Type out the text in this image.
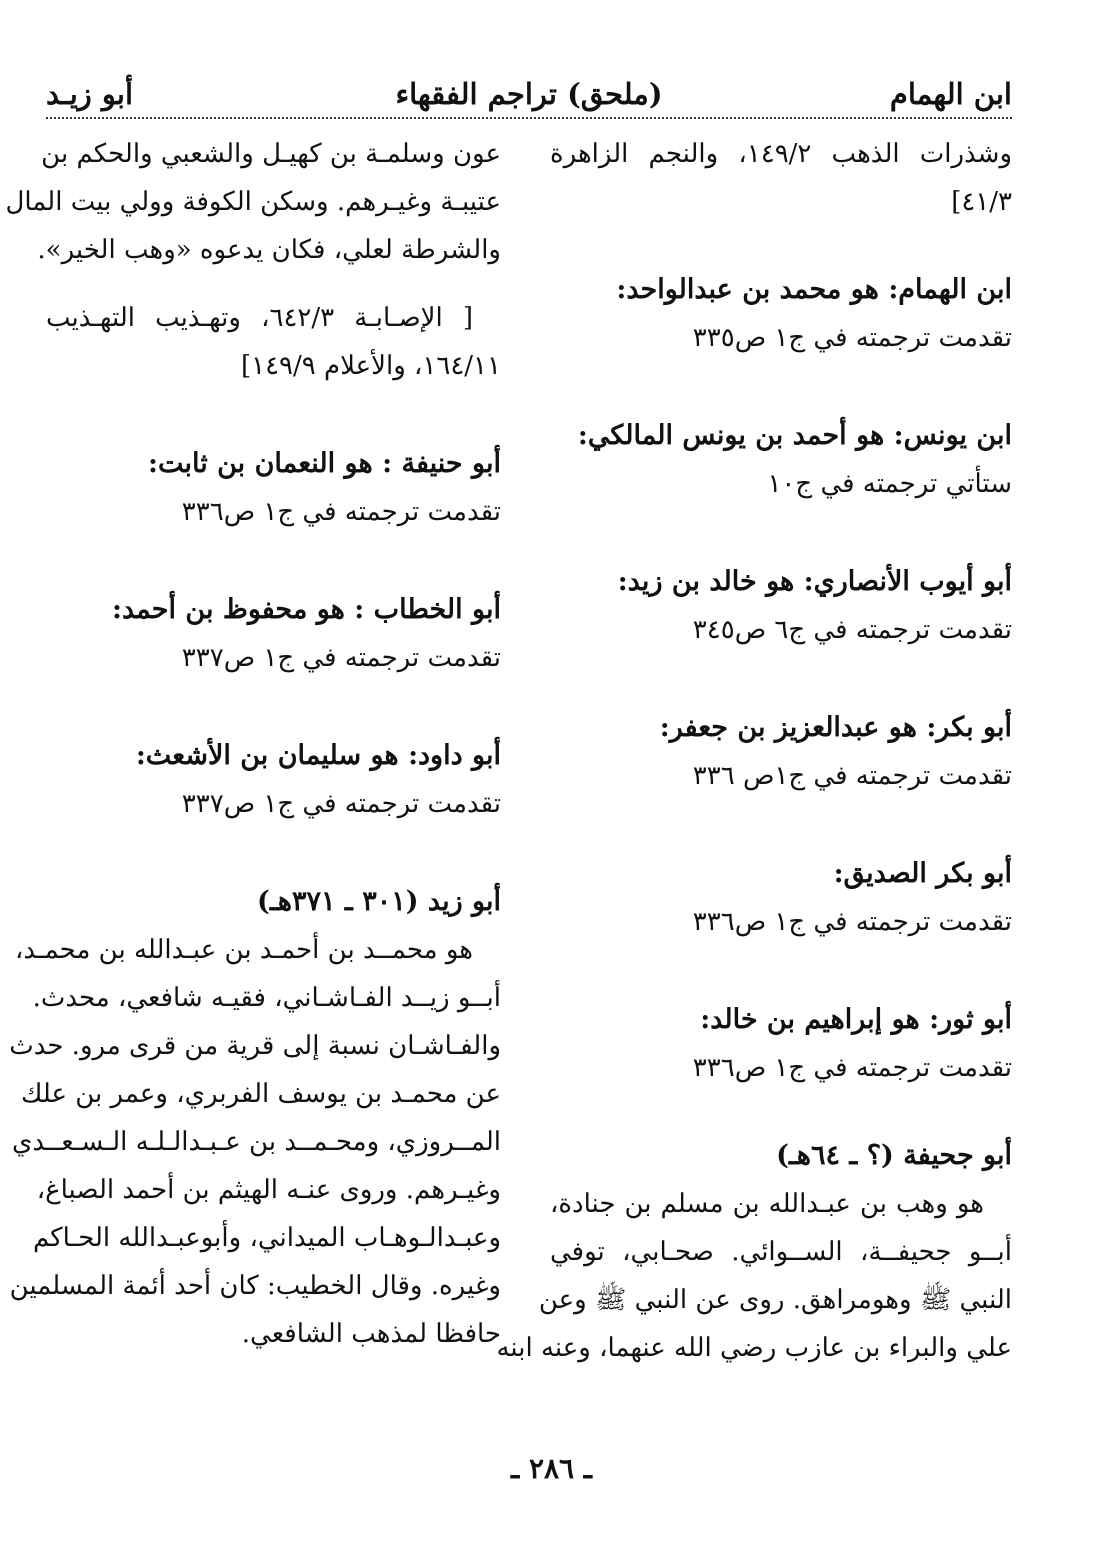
ابن الهمام
(ملحق) تراجم الفقهاء
أبو زيـد
وشذرات الذهب ١٤٩/٢، والنجم الزاهرة
٤١/٣]
ابن الهمام: هو محمد بن عبدالواحد:
تقدمت ترجمته في ج١ ص٣٣٥
ابن يونس: هو أحمد بن يونس المالكي:
ستأتي ترجمته في ج١٠
أبو أيوب الأنصاري: هو خالد بن زيد:
تقدمت ترجمته في ج٦ ص٣٤٥
أبو بكر: هو عبدالعزيز بن جعفر:
تقدمت ترجمته في ج١ص ٣٣٦
أبو بكر الصديق:
تقدمت ترجمته في ج١ ص٣٣٦
أبو ثور: هو إبراهيم بن خالد:
تقدمت ترجمته في ج١ ص٣٣٦
أبو جحيفة (؟ ـ ٦٤هـ)
هو وهب بن عبـدالله بن مسلم بن جنادة،
أبــو جحيفــة، الســوائي. صحـابي، توفي
النبي ﷺ وهومراهق. روى عن النبي ﷺ وعن
علي والبراء بن عازب رضي الله عنهما، وعنه ابنه
عون وسلمـة بن كهيـل والشعبي والحكم بن
عتيبـة وغيـرهم. وسكن الكوفة وولي بيت المال
والشرطة لعلي، فكان يدعوه «وهب الخير».
[ الإصـابـة ٦٤٢/٣، وتهـذيب التهـذيب
١٦٤/١١، والأعلام ١٤٩/٩]
أبو حنيفة : هو النعمان بن ثابت:
تقدمت ترجمته في ج١ ص٣٣٦
أبو الخطاب : هو محفوظ بن أحمد:
تقدمت ترجمته في ج١ ص٣٣٧
أبو داود: هو سليمان بن الأشعث:
تقدمت ترجمته في ج١ ص٣٣٧
أبو زيد (٣٠١ ـ ٣٧١هـ)
هو محمــد بن أحمـد بن عبـدالله بن محمـد،
أبــو زيــد الفـاشـاني، فقيـه شافعي، محدث.
والفـاشـان نسبة إلى قرية من قرى مرو. حدث
عن محمـد بن يوسف الفربري، وعمر بن علك
المــروزي، ومحـمــد بن عـبـدالـلـه الـسـعــدي
وغيـرهم. وروى عنـه الهيثم بن أحمد الصباغ،
وعبـدالـوهـاب الميداني، وأبوعبـدالله الحـاكم
وغيره. وقال الخطيب: كان أحد أئمة المسلمين
حافظا لمذهب الشافعي.
ـ ٢٨٦ ـ
